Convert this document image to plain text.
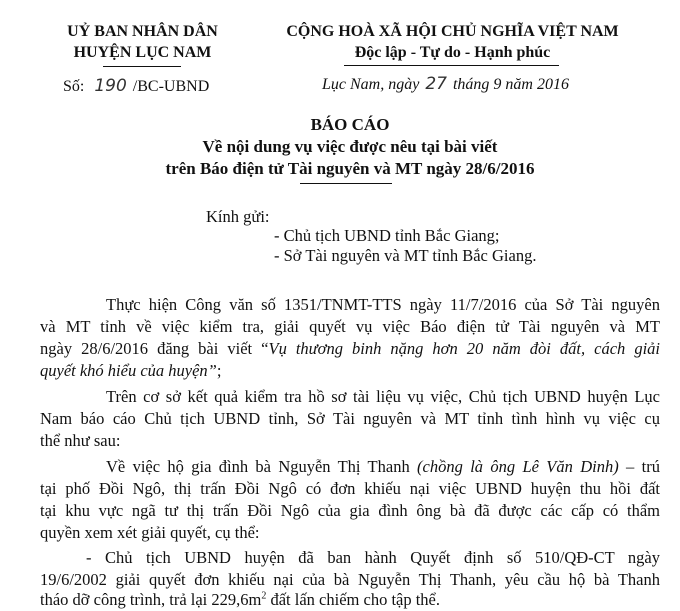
UỶ BAN NHÂN DÂN
HUYỆN LỤC NAM
Số: 190 /BC-UBND
CỘNG HOÀ XÃ HỘI CHỦ NGHĨA VIỆT NAM
Độc lập - Tự do - Hạnh phúc
Lục Nam, ngày 27 tháng 9 năm 2016
BÁO CÁO
Về nội dung vụ việc được nêu tại bài viết
trên Báo điện tử Tài nguyên và MT ngày 28/6/2016
Kính gửi:
- Chủ tịch UBND tỉnh Bắc Giang;
- Sở Tài nguyên và MT tỉnh Bắc Giang.
Thực hiện Công văn số 1351/TNMT-TTS ngày 11/7/2016 của Sở Tài nguyên
và MT tỉnh về việc kiểm tra, giải quyết vụ việc Báo điện tử Tài nguyên và MT
ngày 28/6/2016 đăng bài viết “Vụ thương binh nặng hơn 20 năm đòi đất, cách giải
quyết khó hiểu của huyện”;
Trên cơ sở kết quả kiểm tra hồ sơ tài liệu vụ việc, Chủ tịch UBND huyện Lục
Nam báo cáo Chủ tịch UBND tỉnh, Sở Tài nguyên và MT tỉnh tình hình vụ việc cụ
thể như sau:
Về việc hộ gia đình bà Nguyễn Thị Thanh (chồng là ông Lê Văn Dinh) – trú
tại phố Đồi Ngô, thị trấn Đồi Ngô có đơn khiếu nại việc UBND huyện thu hồi đất
tại khu vực ngã tư thị trấn Đồi Ngô của gia đình ông bà đã được các cấp có thẩm
quyền xem xét giải quyết, cụ thể:
- Chủ tịch UBND huyện đã ban hành Quyết định số 510/QĐ-CT ngày
19/6/2002 giải quyết đơn khiếu nại của bà Nguyễn Thị Thanh, yêu cầu hộ bà Thanh
tháo dỡ công trình, trả lại $229,6m^2$ đất lấn chiếm cho tập thể.
